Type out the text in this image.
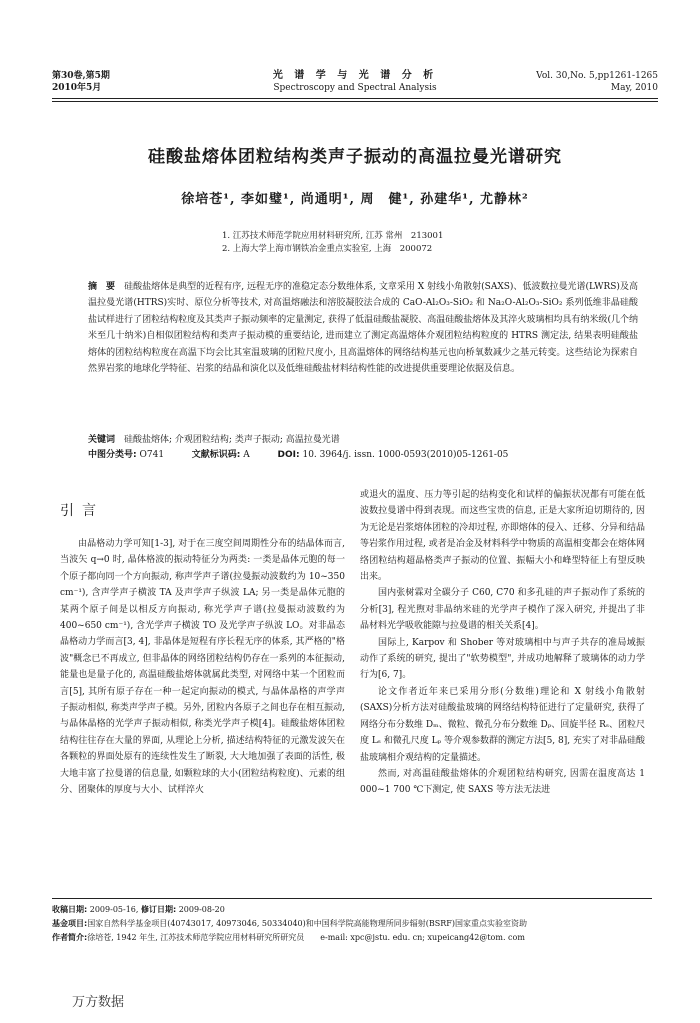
第30卷,第5期
2010年5月
光 谱 学 与 光 谱 分 析
Spectroscopy and Spectral Analysis
Vol. 30,No. 5,pp1261-1265
May, 2010
硅酸盐熔体团粒结构类声子振动的高温拉曼光谱研究
徐培苍¹, 李如璧¹, 尚通明¹, 周　健¹, 孙建华¹, 尤静林²
1. 江苏技术师范学院应用材料研究所, 江苏 常州　213001
2. 上海大学上海市钢铁冶金重点实验室, 上海　200072
摘　要　 硅酸盐熔体是典型的近程有序, 远程无序的准稳定态分数维体系, 文章采用 X 射线小角散射(SAXS)、低波数拉曼光谱(LWRS)及高温拉曼光谱(HTRS)实时、原位分析等技术, 对高温熔融法和溶胶凝胶法合成的 CaO-Al₂O₃-SiO₂ 和 Na₂O-Al₂O₃-SiO₂ 系列低维非晶硅酸盐试样进行了团粒结构粒度及其类声子振动频率的定量测定, 获得了低温硅酸盐凝胶、高温硅酸盐熔体及其淬火玻璃相均具有纳米级(几个纳米至几十纳米)自相似团粒结构和类声子振动模的重要结论, 进而建立了测定高温熔体介观团粒结构粒度的 HTRS 测定法, 结果表明硅酸盐熔体的团粒结构粒度在高温下均会比其室温玻璃的团粒尺度小, 且高温熔体的网络结构基元也向桥氧数减少之基元转变。这些结论为探索自然界岩浆的地球化学特征、岩浆的结晶和演化以及低维硅酸盐材料结构性能的改进提供重要理论依据及信息。
关键词　 硅酸盐熔体; 介观团粒结构; 类声子振动; 高温拉曼光谱
中图分类号: O741	文献标识码: A	DOI: 10. 3964/j. issn. 1000-0593(2010)05-1261-05
引言

由晶格动力学可知[1-3], 对于在三度空间周期性分布的结晶体而言, 当波矢 q→0 时, 晶体格波的振动特征分为两类: 一类是晶体元胞的每一个原子都向同一个方向振动, 称声学声子谱(拉曼振动波数约为 10~350 cm⁻¹), 含声学声子横波 TA 及声学声子纵波 LA; 另一类是晶体元胞的某两个原子间是以相反方向振动, 称光学声子谱(拉曼振动波数约为 400~650 cm⁻¹), 含光学声子横波 TO 及光学声子纵波 LO。对非晶态晶格动力学而言[3, 4], 非晶体是短程有序长程无序的体系, 其严格的"格波"概念已不再成立, 但非晶体的网络团粒结构仍存在一系列的本征振动, 能量也是量子化的, 高温硅酸盐熔体就属此类型, 对网络中某一个团粒而言[5], 其所有原子存在一种一起定向振动的模式, 与晶体晶格的声学声子振动相似, 称类声学声子模。另外, 团粒内各原子之间也存在相互振动, 与晶体晶格的光学声子振动相似, 称类光学声子模[4]。硅酸盐熔体团粒结构往往存在大量的界面, 从理论上分析, 描述结构特征的元激发波矢在各颗粒的界面处原有的连续性发生了断裂, 大大地加强了表面的活性, 极大地丰富了拉曼谱的信息量, 如颗粒球的大小(团粒结构粒度)、元素的组分、团聚体的厚度与大小、试样淬火

或退火的温度、压力等引起的结构变化和试样的偏振状况都有可能在低波数拉曼谱中得到表现。而这些宝贵的信息, 正是大家所迫切期待的, 因为无论是岩浆熔体团粒的冷却过程, 亦即熔体的侵入、迁移、分异和结晶等岩浆作用过程, 或者是冶金及材料科学中物质的高温相变都会在熔体网络团粒结构超晶格类声子振动的位置、振幅大小和峰型特征上有望反映出来。

国内张树霖对全碳分子 C60, C70 和多孔硅的声子振动作了系统的分析[3], 程光煦对非晶纳米硅的光学声子模作了深入研究, 并提出了非晶材料光学吸收能隙与拉曼谱的相关关系[4]。

国际上, Karpov 和 Shober 等对玻璃相中与声子共存的准局域振动作了系统的研究, 提出了"软势模型", 并成功地解释了玻璃体的动力学行为[6, 7]。

论文作者近年来已采用分形(分数维)理论和 X 射线小角散射(SAXS)分析方法对硅酸盐玻璃的网络结构特征进行了定量研究, 获得了网络分布分数维 Dₘ、微粒、微孔分布分数维 Dₚ、回旋半径 Rₛ、团粒尺度 Lₛ 和微孔尺度 Lₚ 等介观参数群的测定方法[5, 8], 充实了对非晶硅酸盐玻璃相介观结构的定量描述。

然而, 对高温硅酸盐熔体的介观团粒结构研究, 因需在温度高达 1 000~1 700 ℃下测定, 使 SAXS 等方法无法进

收稿日期: 2009-05-16, 修订日期: 2009-08-20
基金项目:国家自然科学基金项目(40743017, 40973046, 50334040)和中国科学院高能物理所同步辐射(BSRF)国家重点实验室资助
作者简介:徐培苍, 1942 年生, 江苏技术师范学院应用材料研究所研究员　　e-mail: xpc@jstu. edu. cn; xupeicang42@tom. com
万方数据
